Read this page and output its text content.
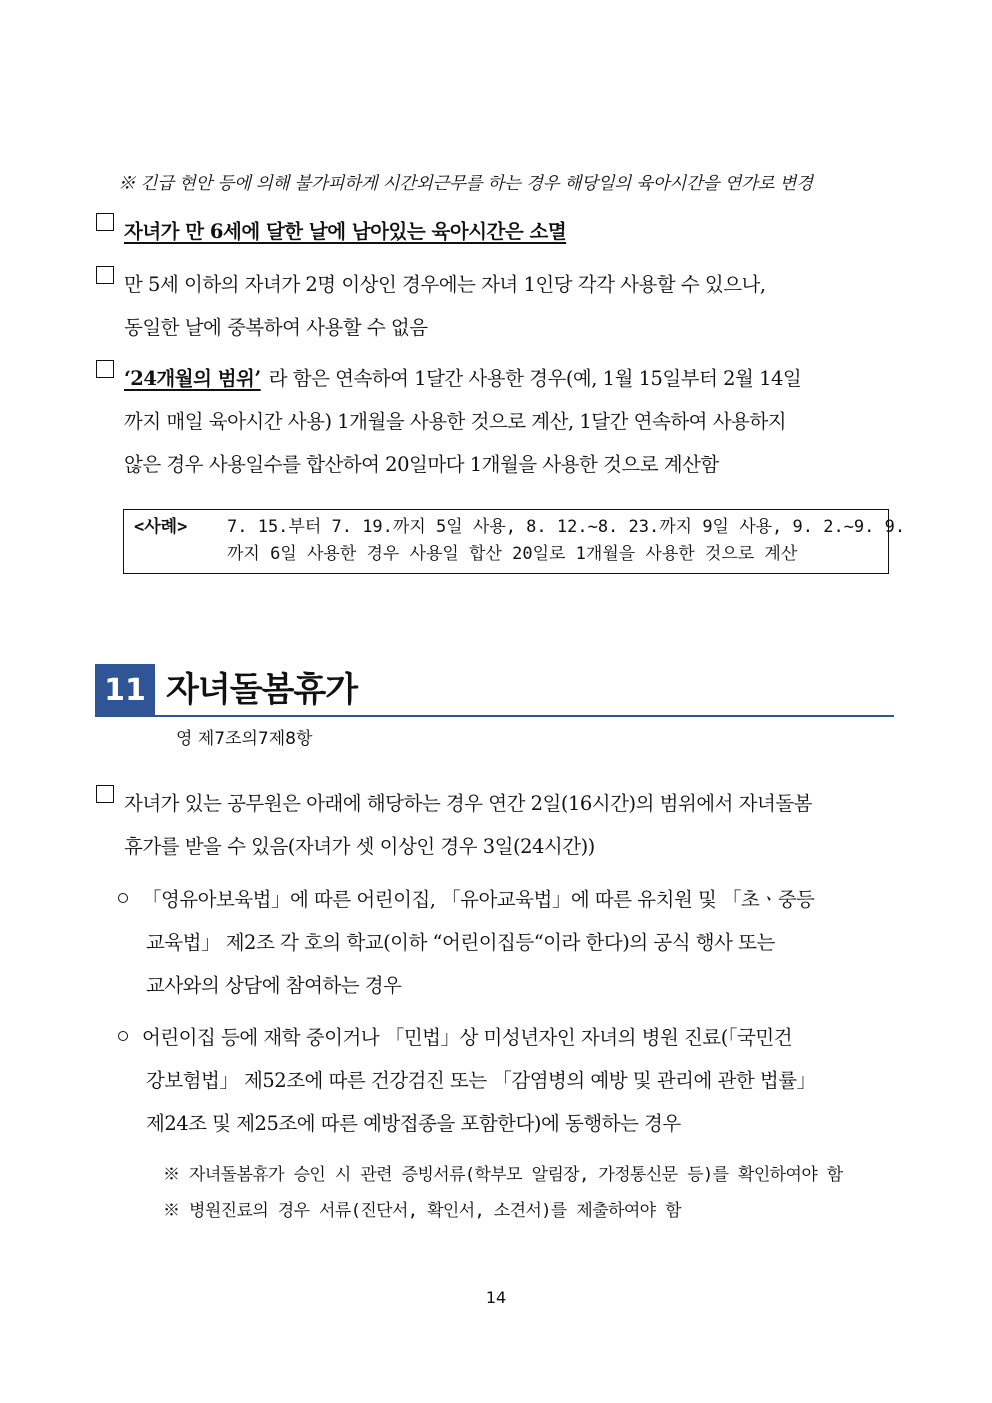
※ 긴급 현안 등에 의해 불가피하게 시간외근무를 하는 경우 해당일의 육아시간을 연가로 변경
자녀가 만 6세에 달한 날에 남아있는 육아시간은 소멸
만 5세 이하의 자녀가 2명 이상인 경우에는 자녀 1인당 각각 사용할 수 있으나,
동일한 날에 중복하여 사용할 수 없음
‘24개월의 범위’ 라 함은 연속하여 1달간 사용한 경우(예, 1월 15일부터 2월 14일
까지 매일 육아시간 사용) 1개월을 사용한 것으로 계산, 1달간 연속하여 사용하지
않은 경우 사용일수를 합산하여 20일마다 1개월을 사용한 것으로 계산함
<사례> 7. 15.부터 7. 19.까지 5일 사용, 8. 12.~8. 23.까지 9일 사용, 9. 2.~9. 9.
까지 6일 사용한 경우 사용일 합산 20일로 1개월을 사용한 것으로 계산
11 자녀돌봄휴가
영 제7조의7제8항
자녀가 있는 공무원은 아래에 해당하는 경우 연간 2일(16시간)의 범위에서 자녀돌봄
휴가를 받을 수 있음(자녀가 셋 이상인 경우 3일(24시간))
「영유아보육법」에 따른 어린이집, 「유아교육법」에 따른 유치원 및 「초ㆍ중등
교육법」 제2조 각 호의 학교(이하 “어린이집등“이라 한다)의 공식 행사 또는
교사와의 상담에 참여하는 경우
어린이집 등에 재학 중이거나 「민법」상 미성년자인 자녀의 병원 진료(「국민건
강보험법」 제52조에 따른 건강검진 또는 「감염병의 예방 및 관리에 관한 법률」
제24조 및 제25조에 따른 예방접종을 포함한다)에 동행하는 경우
※ 자녀돌봄휴가 승인 시 관련 증빙서류(학부모 알림장, 가정통신문 등)를 확인하여야 함
※ 병원진료의 경우 서류(진단서, 확인서, 소견서)를 제출하여야 함
14
